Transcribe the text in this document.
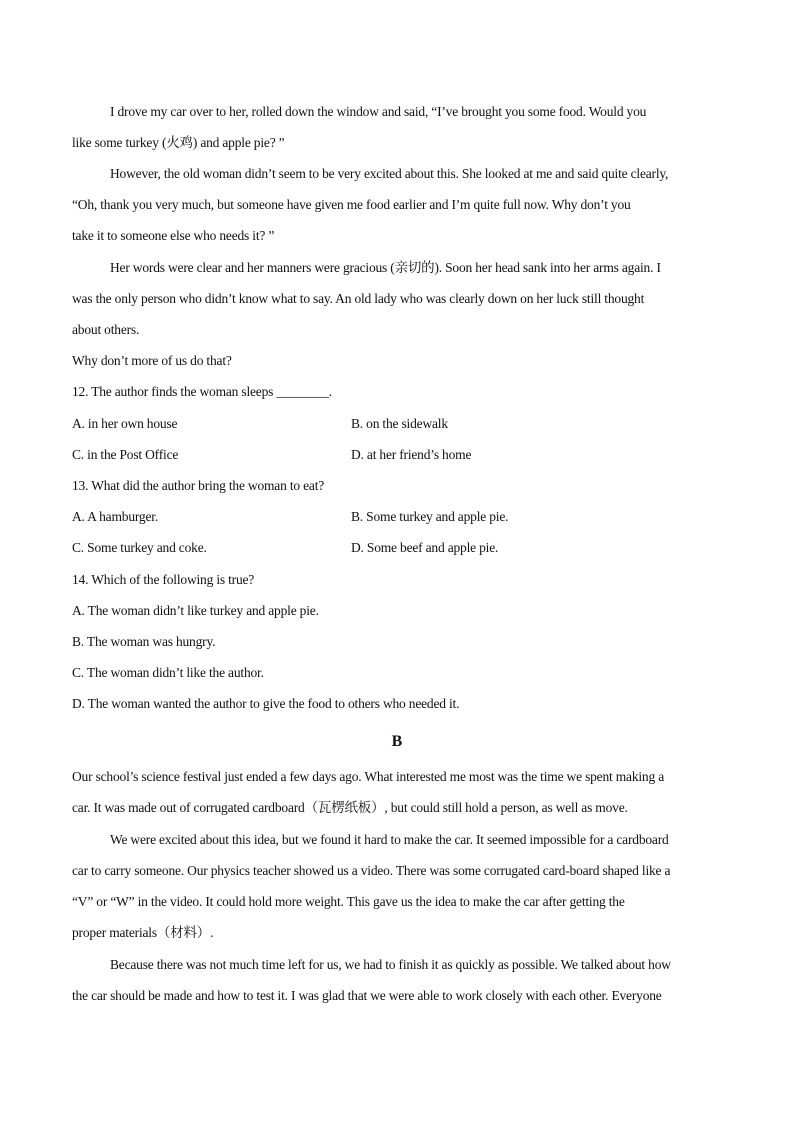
I drove my car over to her, rolled down the window and said, “I’ve brought you some food. Would you
like some turkey (火鸡) and apple pie? ”
However, the old woman didn’t seem to be very excited about this. She looked at me and said quite clearly,
“Oh, thank you very much, but someone have given me food earlier and I’m quite full now. Why don’t you
take it to someone else who needs it? ”
Her words were clear and her manners were gracious (亲切的). Soon her head sank into her arms again. I
was the only person who didn’t know what to say. An old lady who was clearly down on her luck still thought
about others.
Why don’t more of us do that?
12. The author finds the woman sleeps ________.
A. in her own house	B. on the sidewalk
C. in the Post Office	D. at her friend’s home
13. What did the author bring the woman to eat?
A. A hamburger.	B. Some turkey and apple pie.
C. Some turkey and coke.	D. Some beef and apple pie.
14. Which of the following is true?
A. The woman didn’t like turkey and apple pie.
B. The woman was hungry.
C. The woman didn’t like the author.
D. The woman wanted the author to give the food to others who needed it.
B
Our school’s science festival just ended a few days ago. What interested me most was the time we spent making a
car. It was made out of corrugated cardboard（瓦楞纸板）, but could still hold a person, as well as move.
We were excited about this idea, but we found it hard to make the car. It seemed impossible for a cardboard
car to carry someone. Our physics teacher showed us a video. There was some corrugated card-board shaped like a
“V” or “W” in the video. It could hold more weight. This gave us the idea to make the car after getting the
proper materials（材料）.
Because there was not much time left for us, we had to finish it as quickly as possible. We talked about how
the car should be made and how to test it. I was glad that we were able to work closely with each other. Everyone
